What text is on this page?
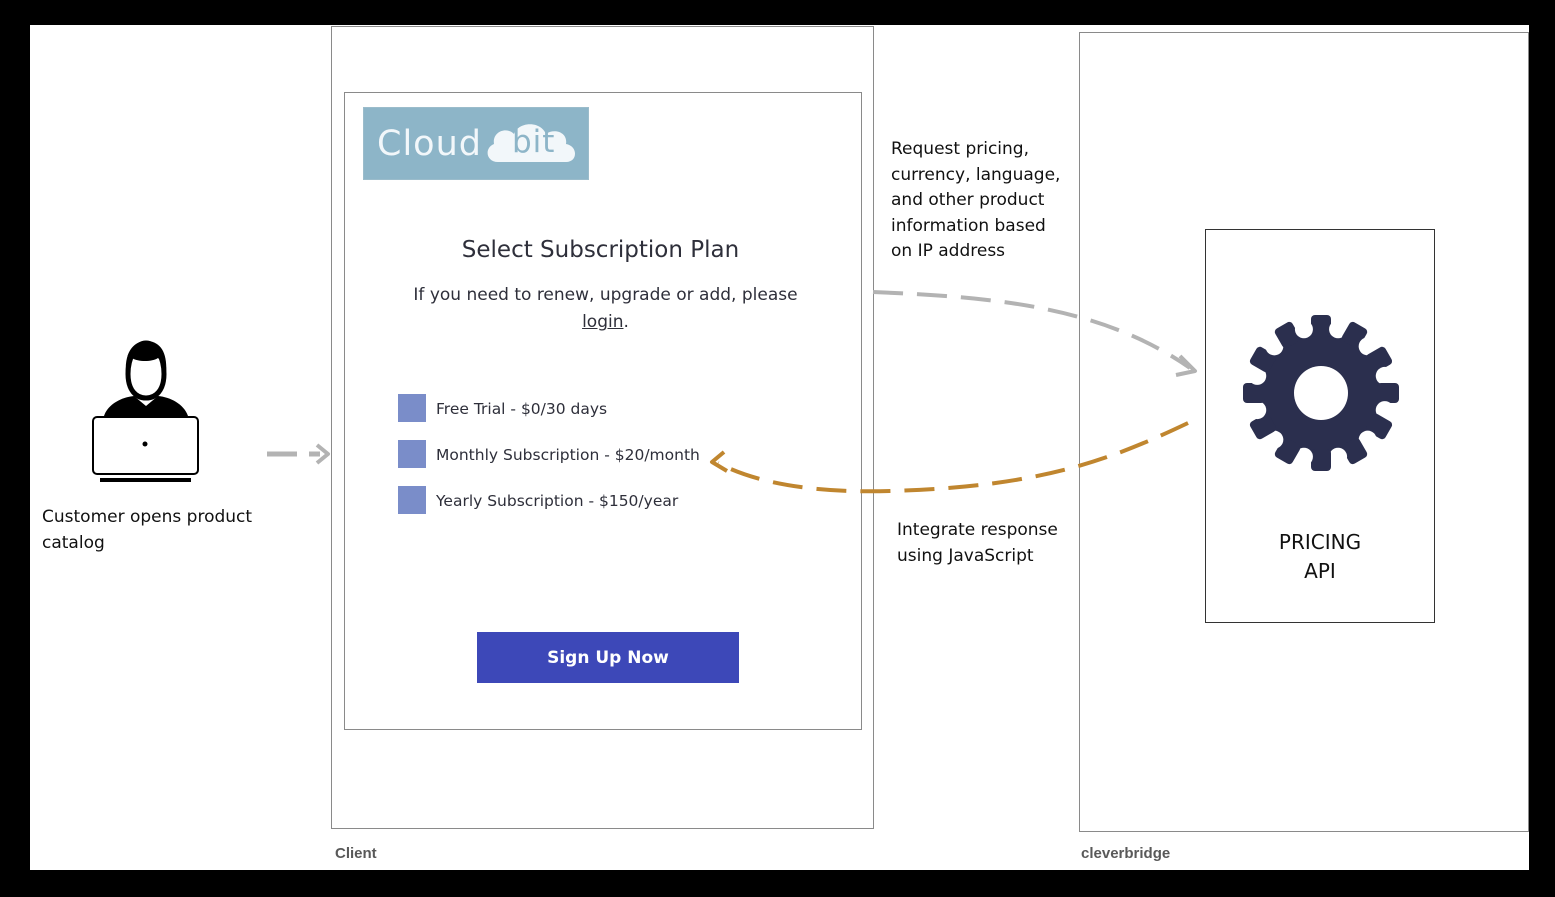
Client	cleverbridge
Customer opens product
catalog
Cloud bit
Select Subscription Plan
If you need to renew, upgrade or add, please
login.
Free Trial - $0/30 days
Monthly Subscription - $20/month
Yearly Subscription - $150/year
Sign Up Now
Request pricing,
currency, language,
and other product
information based
on IP address
Integrate response
using JavaScript
PRICING
API
